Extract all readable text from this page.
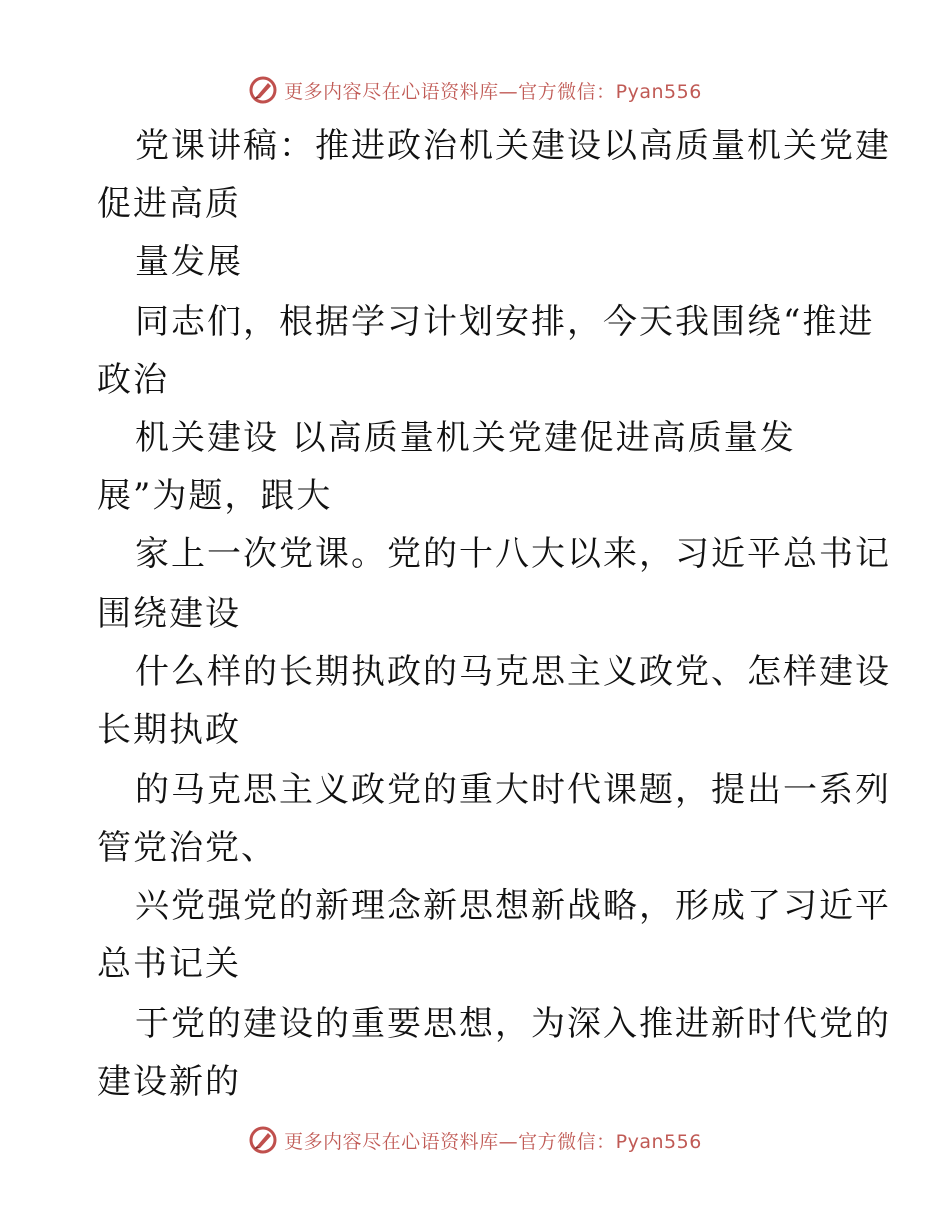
更多内容尽在心语资料库—官方微信：Pyan556
党课讲稿：推进政治机关建设以高质量机关党建
促进高质
量发展
同志们，根据学习计划安排，今天我围绕“推进
政治
机关建设 以高质量机关党建促进高质量发
展”为题，跟大
家上一次党课。党的十八大以来，习近平总书记
围绕建设
什么样的长期执政的马克思主义政党、怎样建设
长期执政
的马克思主义政党的重大时代课题，提出一系列
管党治党、
兴党强党的新理念新思想新战略，形成了习近平
总书记关
于党的建设的重要思想，为深入推进新时代党的
建设新的
更多内容尽在心语资料库—官方微信：Pyan556
